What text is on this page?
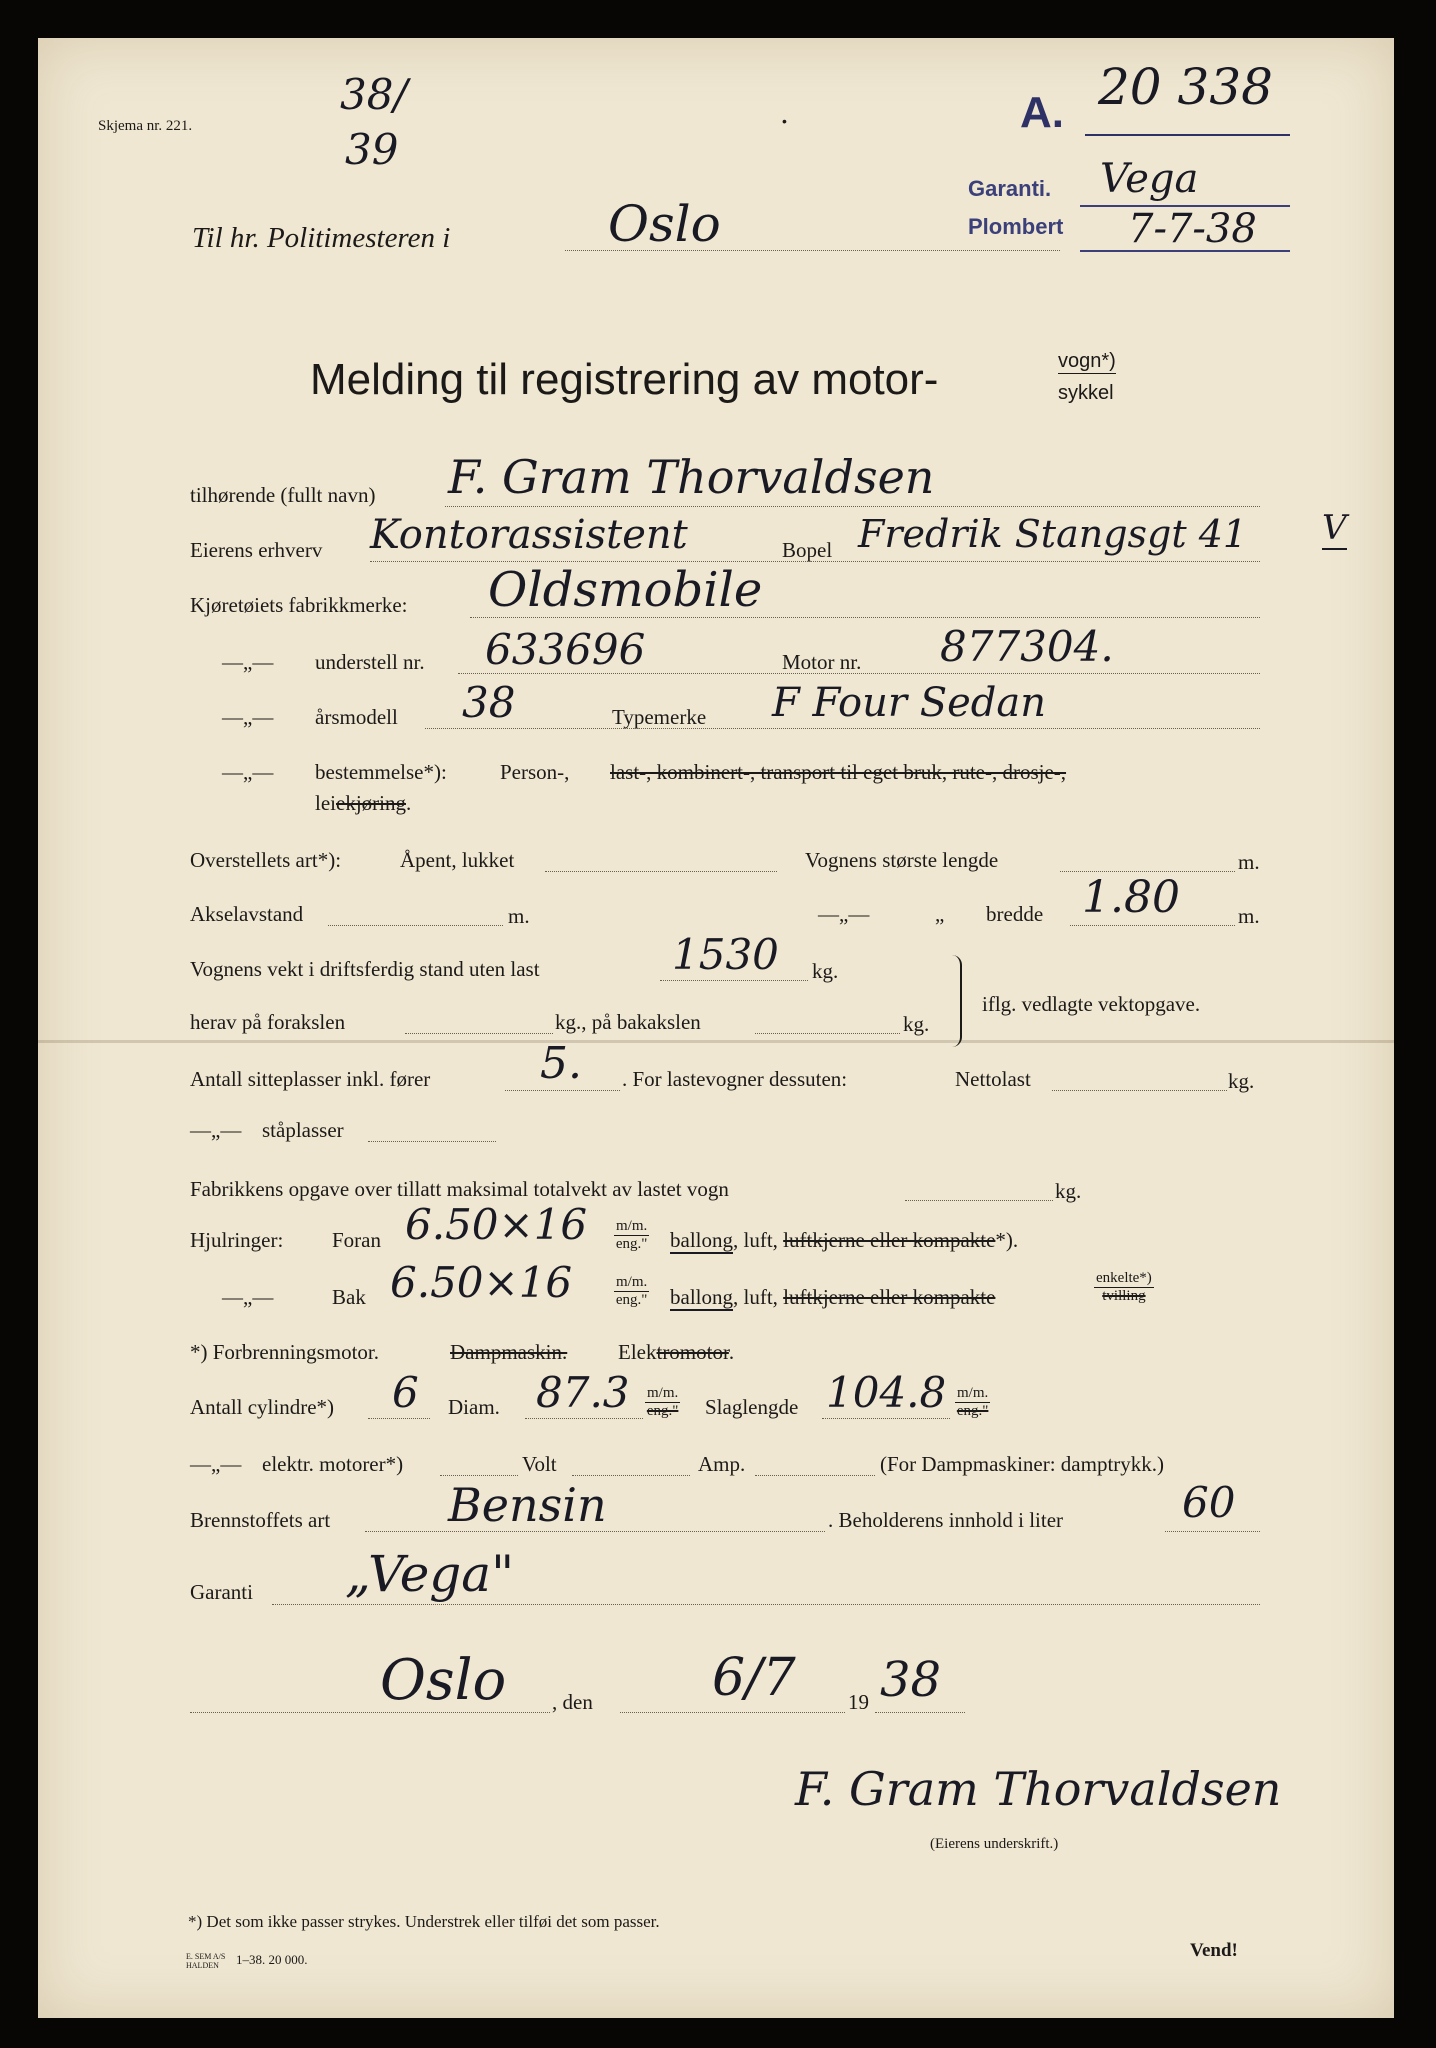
Skjema nr. 221.
38/
39
•	A. 20 338
Garanti. Vega
Plombert 7-7-38
Til hr. Politimesteren i	Oslo
Melding til registrering av motor-	vogn*)
sykkel
tilhørende (fullt navn) F. Gram Thorvaldsen
Eierens erhverv Kontorassistent	Bopel Fredrik Stangsgt 41 V
Kjøretøiets fabrikkmerke: Oldsmobile
—„— understell nr. 633696	Motor nr. 877304.
—„— årsmodell 38	Typemerke F Four Sedan
—„— bestemmelse*):	Person-, last-, kombinert-, transport til eget bruk, rute-, drosje-,
leiekjøring.
Overstellets art*):	Åpent, lukket	Vognens største lengde	m.
Akselavstand	m.	—„—	„ bredde 1.80	m.
Vognens vekt i driftsferdig stand uten last	1530 kg.
herav på forakslen	kg., på bakakslen	kg.
iflg. vedlagte vektopgave.
Antall sitteplasser inkl. fører 5. . For lastevogner dessuten:	Nettolast	kg.
—„— ståplasser
Fabrikkens opgave over tillatt maksimal totalvekt av lastet vogn	kg.
Hjulringer: Foran 6.50×16 m/m.
eng." ballong, luft, luftkjerne eller kompakte*).
—„—	Bak 6.50×16	m/m.
eng." ballong, luft, luftkjerne eller kompakte
enkelte*)
tvilling
*) Forbrenningsmotor.	Dampmaskin. Elektromotor.
Antall cylindre*) 6 Diam. 87.3 m/m.
eng." Slaglengde 104.8 m/m.
eng."
—„— elektr. motorer*)	Volt	Amp.	(For Dampmaskiner: damptrykk.)
Brennstoffets art	Bensin	. Beholderens innhold i liter	60
Garanti „Vega"
Oslo , den 6/7 19 38
F. Gram Thorvaldsen
(Eierens underskrift.)
*) Det som ikke passer strykes. Understrek eller tilføi det som passer.
E. SEM A/S
HALDEN	1–38. 20 000.	Vend!
